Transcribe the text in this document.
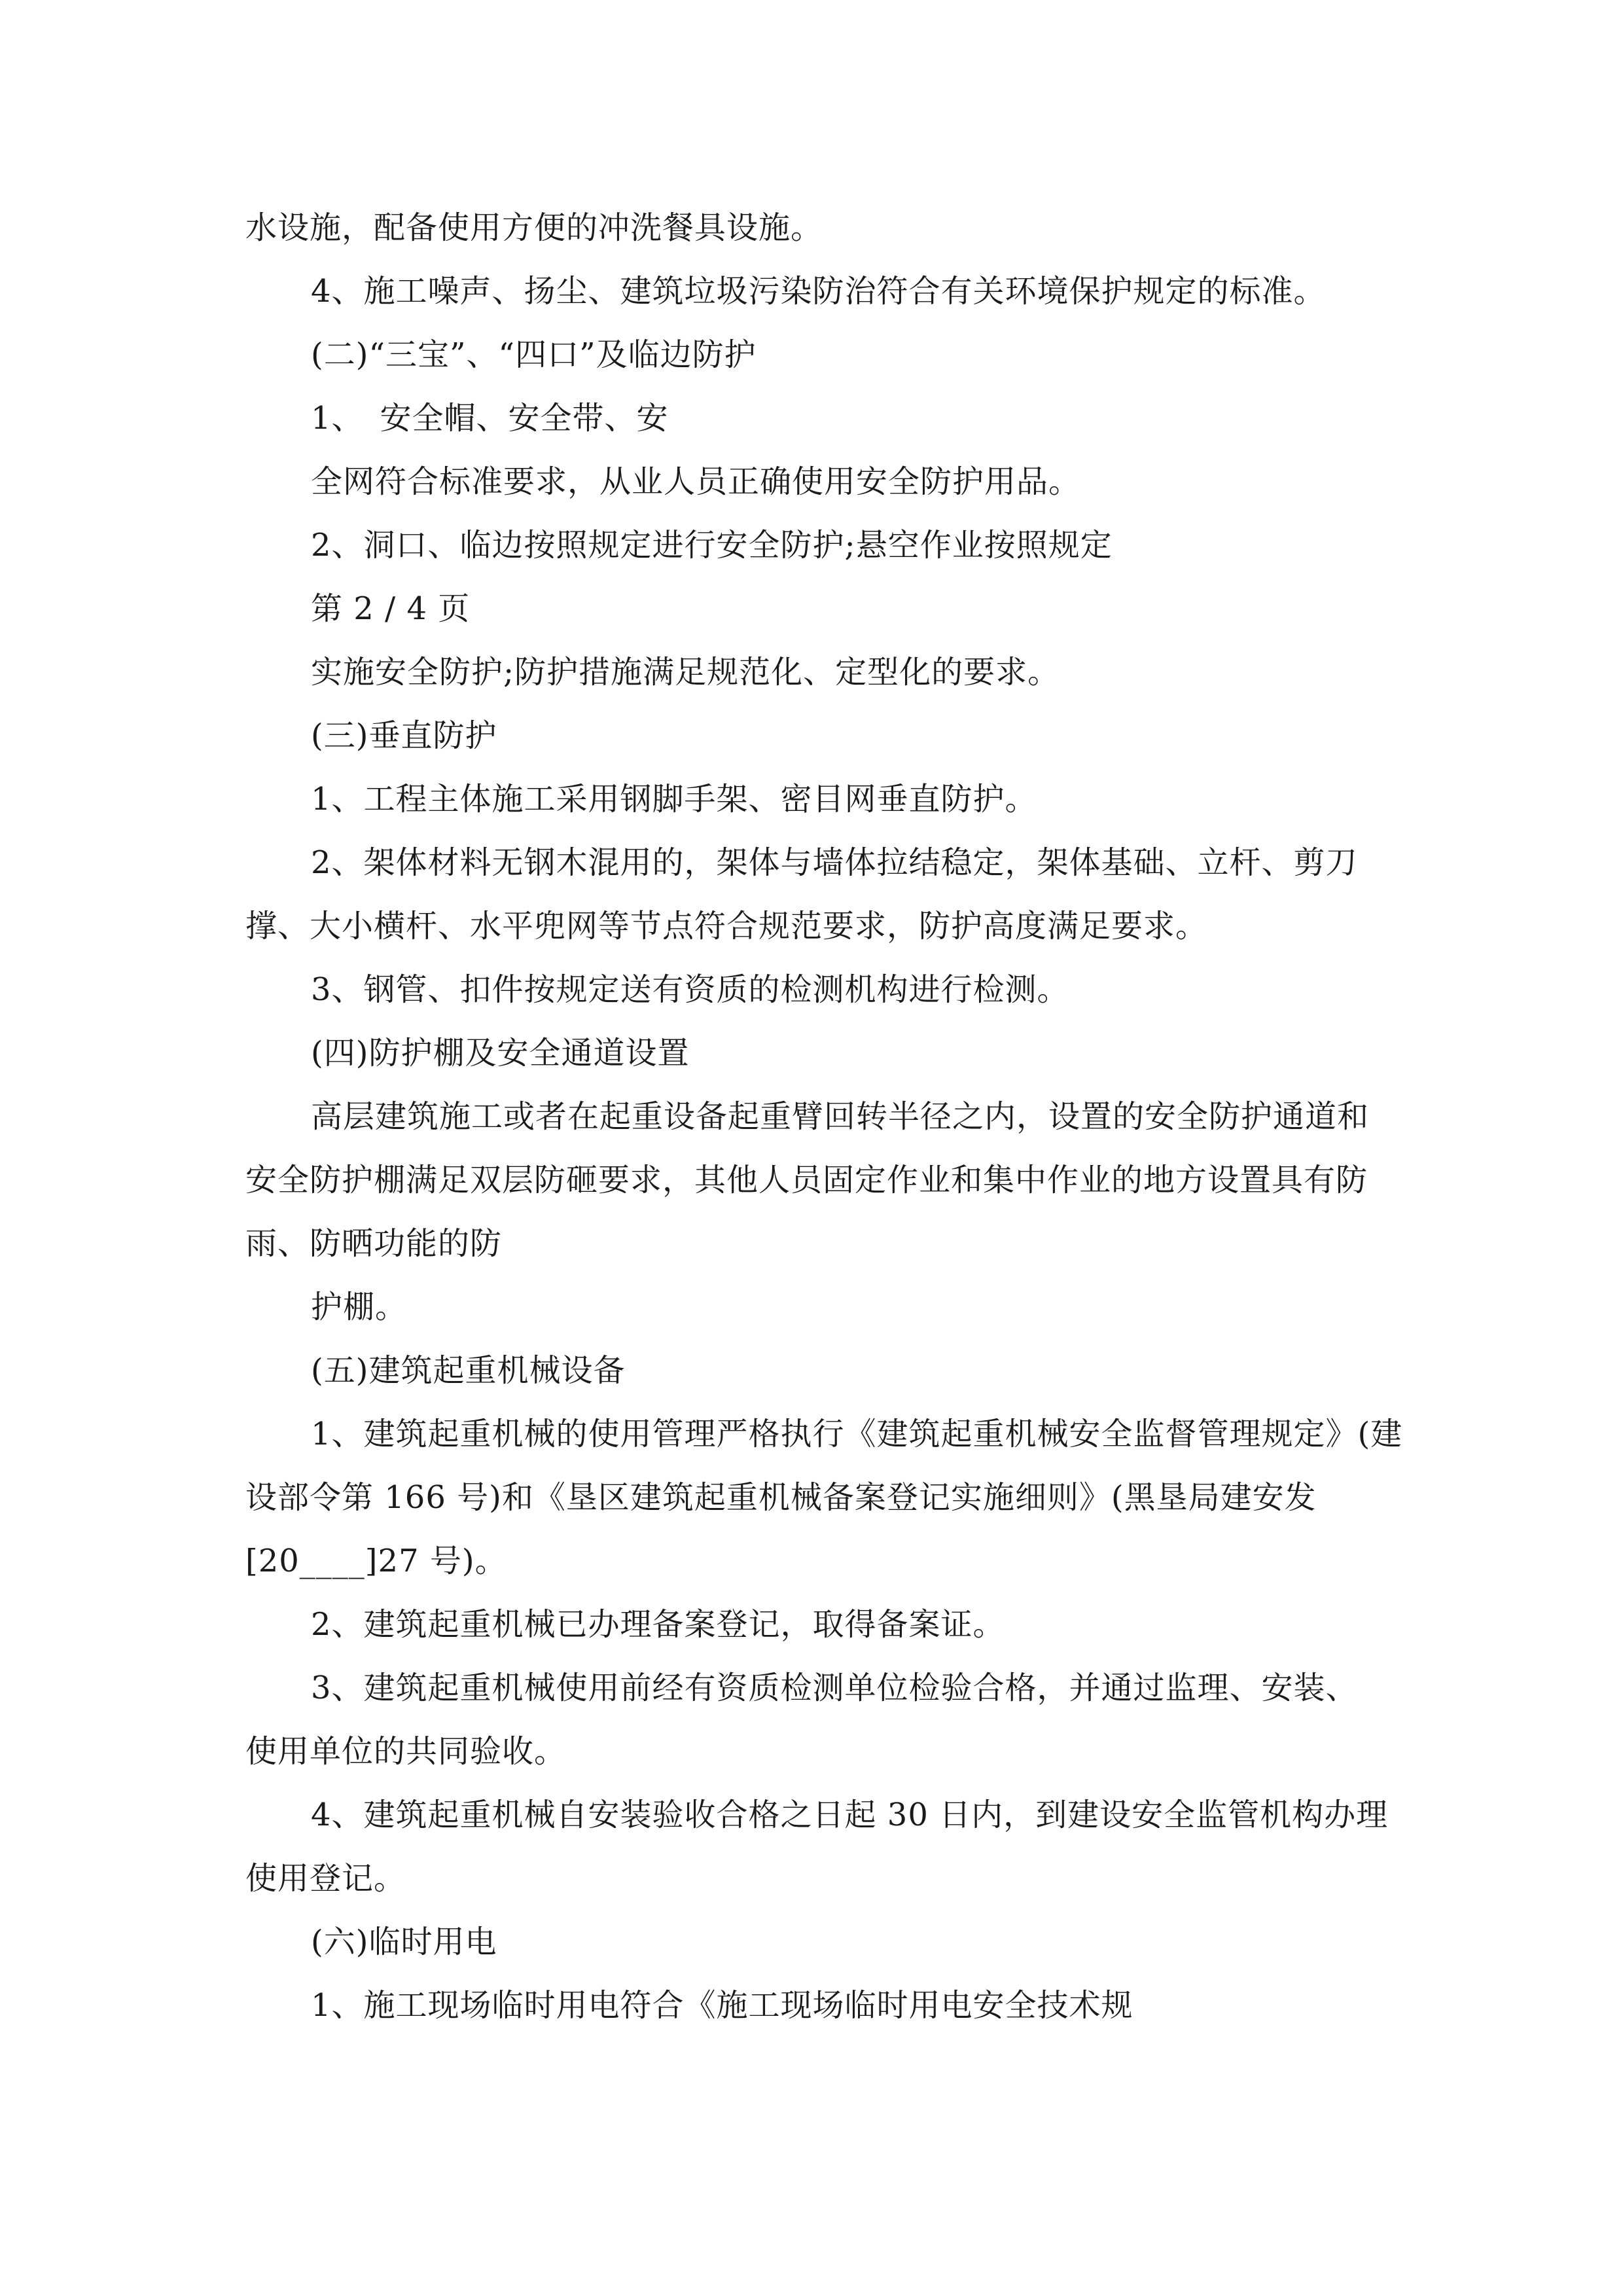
水设施，配备使用方便的冲洗餐具设施。
4、施工噪声、扬尘、建筑垃圾污染防治符合有关环境保护规定的标准。
(二)“三宝”、“四口”及临边防护
1、　安全帽、安全带、安
全网符合标准要求，从业人员正确使用安全防护用品。
2、洞口、临边按照规定进行安全防护;悬空作业按照规定
第 2 / 4 页
实施安全防护;防护措施满足规范化、定型化的要求。
(三)垂直防护
1、工程主体施工采用钢脚手架、密目网垂直防护。
2、架体材料无钢木混用的，架体与墙体拉结稳定，架体基础、立杆、剪刀
撑、大小横杆、水平兜网等节点符合规范要求，防护高度满足要求。
3、钢管、扣件按规定送有资质的检测机构进行检测。
(四)防护棚及安全通道设置
高层建筑施工或者在起重设备起重臂回转半径之内，设置的安全防护通道和
安全防护棚满足双层防砸要求，其他人员固定作业和集中作业的地方设置具有防
雨、防晒功能的防
护棚。
(五)建筑起重机械设备
1、建筑起重机械的使用管理严格执行《建筑起重机械安全监督管理规定》(建
设部令第 166 号)和《垦区建筑起重机械备案登记实施细则》(黑垦局建安发
[20____]27 号)。
2、建筑起重机械已办理备案登记，取得备案证。
3、建筑起重机械使用前经有资质检测单位检验合格，并通过监理、安装、
使用单位的共同验收。
4、建筑起重机械自安装验收合格之日起 30 日内，到建设安全监管机构办理
使用登记。
(六)临时用电
1、施工现场临时用电符合《施工现场临时用电安全技术规
